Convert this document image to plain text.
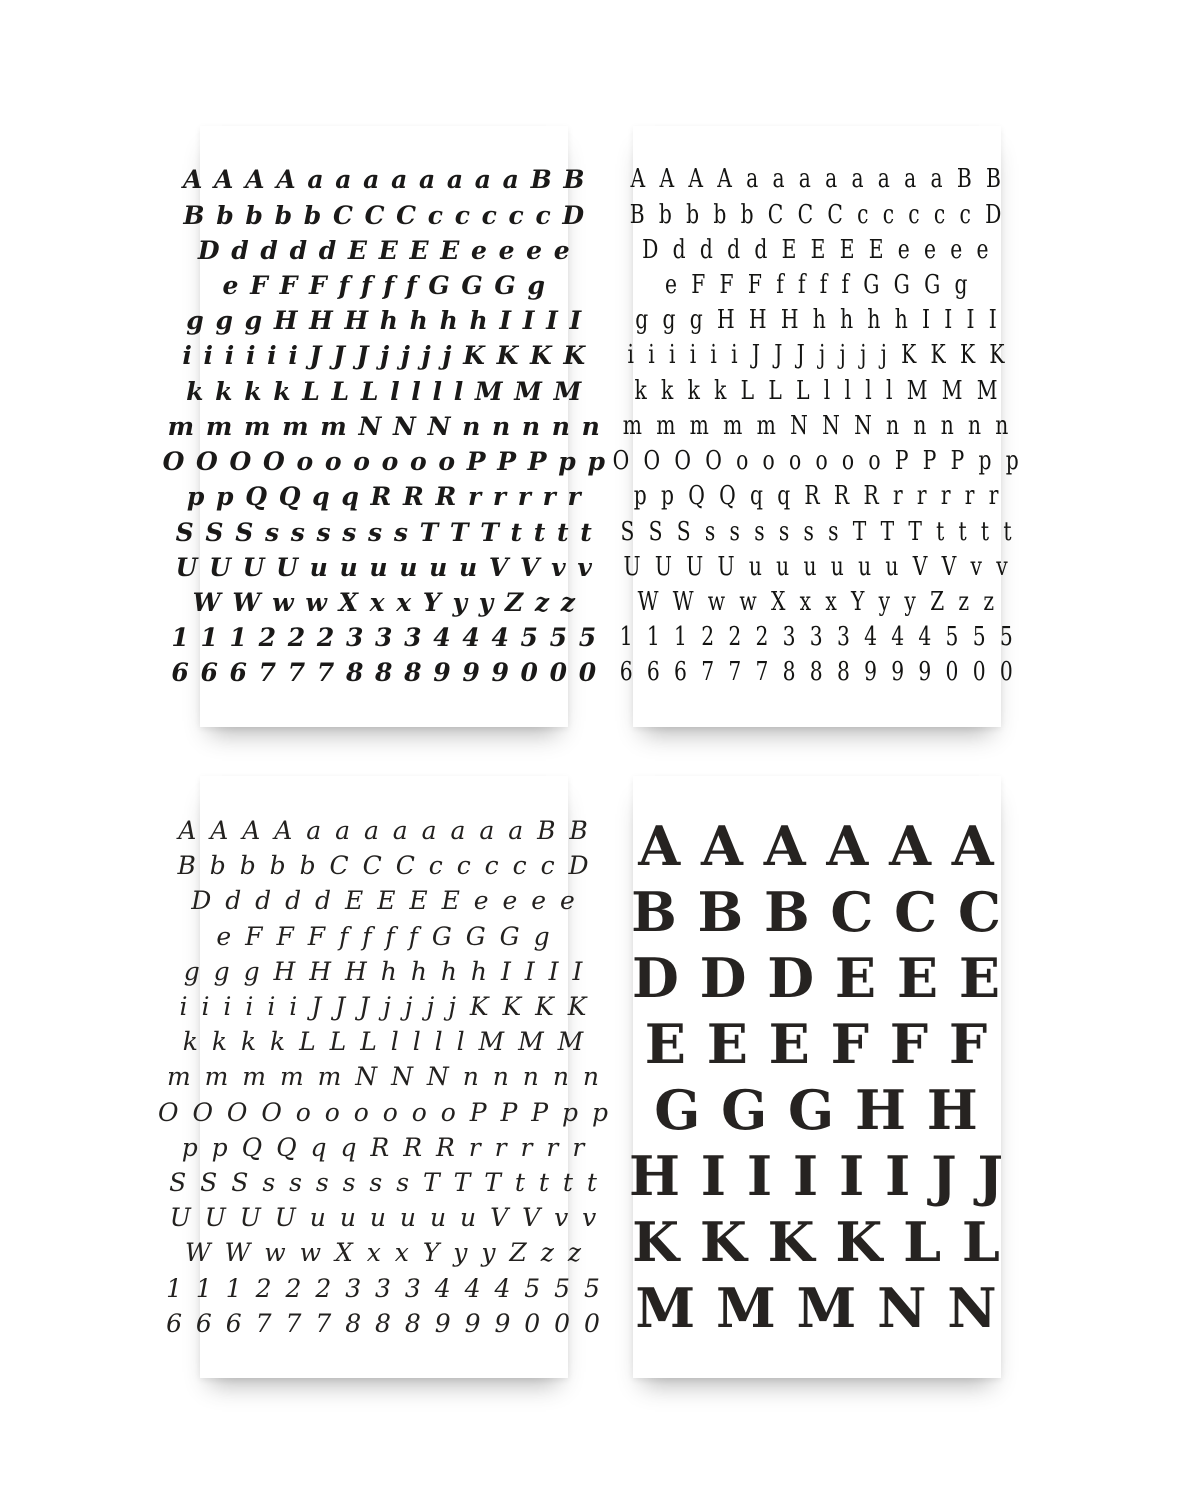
A A A A a a a a a a a a B B
B b b b b C C C c c c c c D
D d d d d E E E E e e e e
e F F F f f f f G G G g
g g g H H H h h h h I I I I
i i i i i i J J J j j j j K K K K
k k k k L L L l l l l M M M
m m m m m N N N n n n n n
O O O O o o o o o o P P P p p
p p Q Q q q R R R r r r r r
S S S s s s s s s T T T t t t t
U U U U u u u u u u V V v v
W W w w X x x Y y y Z z z
1 1 1 2 2 2 3 3 3 4 4 4 5 5 5
6 6 6 7 7 7 8 8 8 9 9 9 0 0 0
A A A A a a a a a a a a B B
B b b b b C C C c c c c c D
D d d d d E E E E e e e e
e F F F f f f f G G G g
g g g H H H h h h h I I I I
i i i i i i J J J j j j j K K K K
k k k k L L L l l l l M M M
m m m m m N N N n n n n n
O O O O o o o o o o P P P p p
p p Q Q q q R R R r r r r r
S S S s s s s s s T T T t t t t
U U U U u u u u u u V V v v
W W w w X x x Y y y Z z z
1 1 1 2 2 2 3 3 3 4 4 4 5 5 5
6 6 6 7 7 7 8 8 8 9 9 9 0 0 0
A A A A a a a a a a a a B B
B b b b b C C C c c c c c D
D d d d d E E E E e e e e
e F F F f f f f G G G g
g g g H H H h h h h I I I I
i i i i i i J J J j j j j K K K K
k k k k L L L l l l l M M M
m m m m m N N N n n n n n
O O O O o o o o o o P P P p p
p p Q Q q q R R R r r r r r
S S S s s s s s s T T T t t t t
U U U U u u u u u u V V v v
W W w w X x x Y y y Z z z
1 1 1 2 2 2 3 3 3 4 4 4 5 5 5
6 6 6 7 7 7 8 8 8 9 9 9 0 0 0
A A A A A A
B B B C C C
D D D E E E
E E E F F F
G G G H H
H I I I I I J J
K K K K L L
M M M N N
